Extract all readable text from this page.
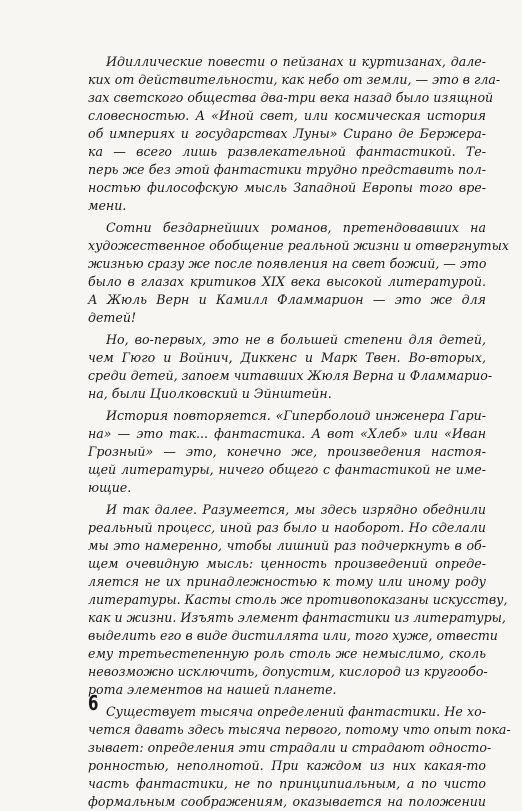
Идиллические повести о пейзанах и куртизанах, дале-
ких от действительности, как небо от земли, — это в гла-
зах светского общества два-три века назад было изящной
словесностью. А «Иной свет, или космическая история
об империях и государствах Луны» Сирано де Бержера-
ка — всего лишь развлекательной фантастикой. Те-
перь же без этой фантастики трудно представить пол-
ностью философскую мысль Западной Европы того вре-
мени.
Сотни бездарнейших романов, претендовавших на
художественное обобщение реальной жизни и отвергнутых
жизнью сразу же после появления на свет божий, — это
было в глазах критиков XIX века высокой литературой.
А Жюль Верн и Камилл Фламмарион — это же для
детей!
Но, во-первых, это не в большей степени для детей,
чем Гюго и Войнич, Диккенс и Марк Твен. Во-вторых,
среди детей, запоем читавших Жюля Верна и Фламмарио-
на, были Циолковский и Эйнштейн.
История повторяется. «Гиперболоид инженера Гари-
на» — это так... фантастика. А вот «Хлеб» или «Иван
Грозный» — это, конечно же, произведения настоя-
щей литературы, ничего общего с фантастикой не име-
ющие.
И так далее. Разумеется, мы здесь изрядно обеднили
реальный процесс, иной раз было и наоборот. Но сделали
мы это намеренно, чтобы лишний раз подчеркнуть в об-
щем очевидную мысль: ценность произведений опреде-
ляется не их принадлежностью к тому или иному роду
литературы. Касты столь же противопоказаны искусству,
как и жизни. Изъять элемент фантастики из литературы,
выделить его в виде дистиллята или, того хуже, отвести
ему третьестепенную роль столь же немыслимо, сколь
невозможно исключить, допустим, кислород из кругообо-
рота элементов на нашей планете.
Существует тысяча определений фантастики. Не хо-
чется давать здесь тысяча первого, потому что опыт пока-
зывает: определения эти страдали и страдают односто-
ронностью, неполнотой. При каждом из них какая-то
часть фантастики, не по принципиальным, а по чисто
формальным соображениям, оказывается на положении
6
